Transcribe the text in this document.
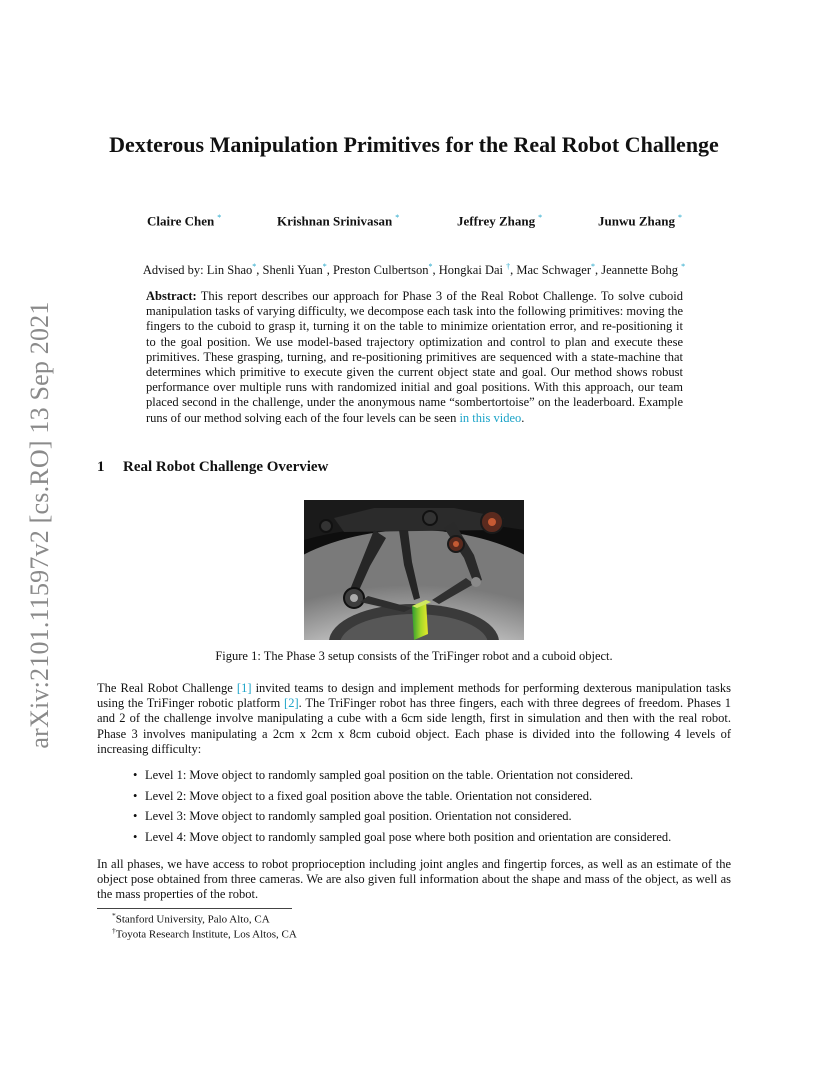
arXiv:2101.11597v2 [cs.RO] 13 Sep 2021
Dexterous Manipulation Primitives for the Real Robot Challenge
Claire Chen *	Krishnan Srinivasan *	Jeffrey Zhang *	Junwu Zhang *
Advised by: Lin Shao*, Shenli Yuan*, Preston Culbertson*, Hongkai Dai †, Mac Schwager*, Jeannette Bohg *

Abstract: This report describes our approach for Phase 3 of the Real Robot Challenge. To solve cuboid manipulation tasks of varying difficulty, we decompose each task into the following primitives: moving the fingers to the cuboid to grasp it, turning it on the table to minimize orientation error, and re-positioning it to the goal position. We use model-based trajectory optimization and control to plan and execute these primitives. These grasping, turning, and re-positioning primitives are sequenced with a state-machine that determines which primitive to execute given the current object state and goal. Our method shows robust performance over multiple runs with randomized initial and goal positions. With this approach, our team placed second in the challenge, under the anonymous name “sombertortoise” on the leaderboard. Example runs of our method solving each of the four levels can be seen in this video.

1 Real Robot Challenge Overview
Figure 1: The Phase 3 setup consists of the TriFinger robot and a cuboid object.

The Real Robot Challenge [1] invited teams to design and implement methods for performing dexterous manipulation tasks using the TriFinger robotic platform [2]. The TriFinger robot has three fingers, each with three degrees of freedom. Phases 1 and 2 of the challenge involve manipulating a cube with a 6cm side length, first in simulation and then with the real robot. Phase 3 involves manipulating a 2cm x 2cm x 8cm cuboid object. Each phase is divided into the following 4 levels of increasing difficulty:

• Level 1: Move object to randomly sampled goal position on the table. Orientation not considered.
• Level 2: Move object to a fixed goal position above the table. Orientation not considered.
• Level 3: Move object to randomly sampled goal position. Orientation not considered.
• Level 4: Move object to randomly sampled goal pose where both position and orientation are considered.

In all phases, we have access to robot proprioception including joint angles and fingertip forces, as well as an estimate of the object pose obtained from three cameras. We are also given full information about the shape and mass of the object, as well as the mass properties of the robot.

*Stanford University, Palo Alto, CA
†Toyota Research Institute, Los Altos, CA
